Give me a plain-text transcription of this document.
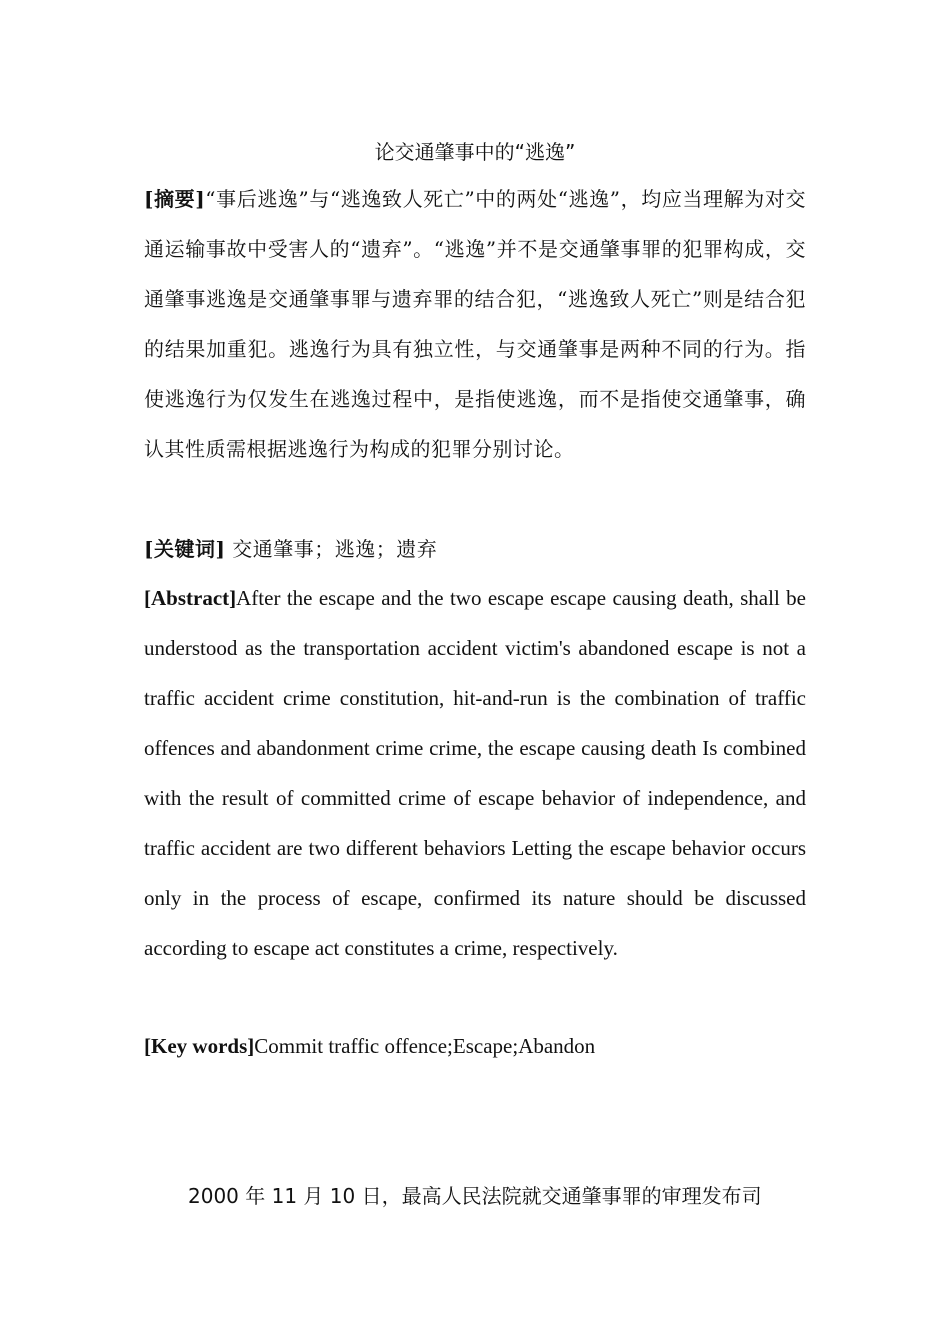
论交通肇事中的“逃逸”
[摘要]“事后逃逸”与“逃逸致人死亡”中的两处“逃逸”，均应当理解为对交通运输事故中受害人的“遗弃”。“逃逸”并不是交通肇事罪的犯罪构成，交通肇事逃逸是交通肇事罪与遗弃罪的结合犯，“逃逸致人死亡”则是结合犯的结果加重犯。逃逸行为具有独立性，与交通肇事是两种不同的行为。指使逃逸行为仅发生在逃逸过程中，是指使逃逸，而不是指使交通肇事，确认其性质需根据逃逸行为构成的犯罪分别讨论。
[关键词] 交通肇事；逃逸；遗弃
[Abstract]After the escape and the two escape escape causing death, shall be understood as the transportation accident victim's abandoned escape is not a traffic accident crime constitution, hit-and-run is the combination of traffic offences and abandonment crime crime, the escape causing death Is combined with the result of committed crime of escape behavior of independence, and traffic accident are two different behaviors Letting the escape behavior occurs only in the process of escape, confirmed its nature should be discussed according to escape act constitutes a crime, respectively.
[Key words]Commit traffic offence;Escape;Abandon
2000 年 11 月 10 日，最高人民法院就交通肇事罪的审理发布司
